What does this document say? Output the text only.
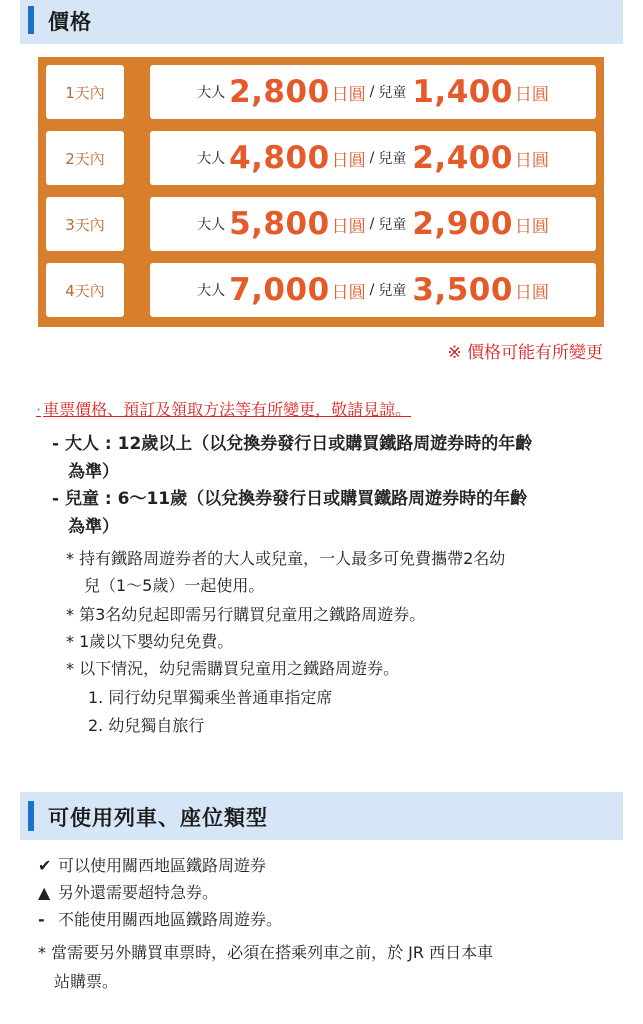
價格
1天內	大人 2,800 日圓 / 兒童 1,400 日圓
2天內	大人 4,800 日圓 / 兒童 2,400 日圓
3天內	大人 5,800 日圓 / 兒童 2,900 日圓
4天內	大人 7,000 日圓 / 兒童 3,500 日圓
※ 價格可能有所變更
· 車票價格、預訂及領取方法等有所變更，敬請見諒。
- 大人 : 12歲以上（以兌換券發行日或購買鐵路周遊券時的年齡
為準）
- 兒童 : 6～11歲（以兌換券發行日或購買鐵路周遊券時的年齡
為準）
* 持有鐵路周遊券者的大人或兒童，一人最多可免費攜帶2名幼
兒（1～5歲）一起使用。
* 第3名幼兒起即需另行購買兒童用之鐵路周遊券。
* 1歲以下嬰幼兒免費。
* 以下情況，幼兒需購買兒童用之鐵路周遊券。
1. 同行幼兒單獨乘坐普通車指定席
2. 幼兒獨自旅行
可使用列車、座位類型
✔ 可以使用關西地區鐵路周遊券
▲ 另外還需要超特急券。
- 不能使用關西地區鐵路周遊券。
* 當需要另外購買車票時，必須在搭乘列車之前，於 JR 西日本車
站購票。
